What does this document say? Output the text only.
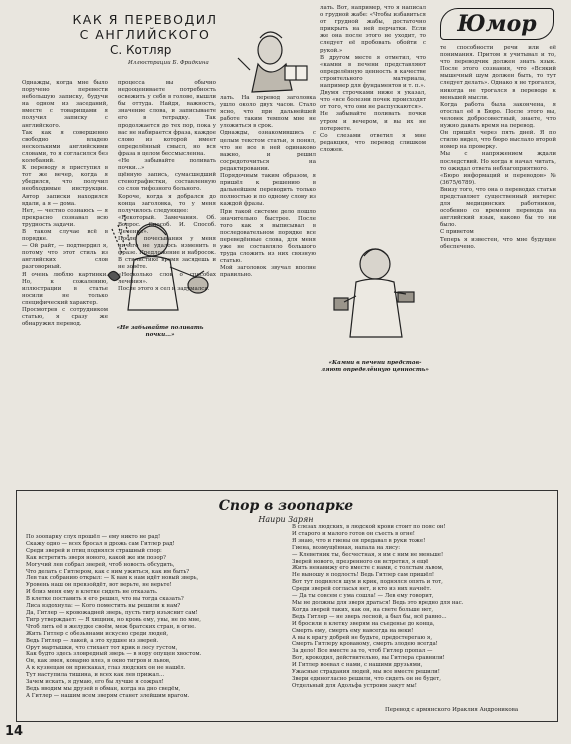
КАК Я ПЕРЕВОДИЛ
С АНГЛИЙСКОГО
С. Котляр
Иллюстрации Б. Фридкина
«Не забывайте поливать почки...»
«Камни в печени представ- ляют определённую ценность»
Юмор
Однажды, когда мне было поручено перевести небольшую записку, будучи на одном из заседаний, вместе с товарищами я получил записку с английского.
Так как я совершенно свободно владею несколькими английскими словами, то я согласился без колебаний.
К переводу я приступил в тот же вечер, когда я убедился, что получил необходимые инструкции. Автор записки находился вдали, а я — дома.
Нет, — честно сознаюсь — я прекрасно сознавал всю трудность задачи.
В таком случае всё в порядке.
— Ой райт, — подтвердил я, потому что этот стиль из английских слов разговорный.
Я очень люблю картинки. Но, к сожалению, иллюстрации в статье носили не только специфический характер.
Просмотрев с сотрудником статью, я сразу же обнаружил перевод.
процесса вы обычно недооцениваете потребность освежить у себя в голове, вышли бы оттуда. Найдя, важность, значение слова, и записываете его в тетрадку. Так продолжается до тех пор, пока у вас не набирается фраза, каждое слово из которой имеет определённый смысл, но вся фраза в целом бессмысленна.
«Не забывайте поливать почки...»
щённую запись, сумасшедший стенографистки, составленную со слов тифозного больного.
Короче, когда я добрался до конца заголовка, то у меня получилось следующее:
«Некоторый. Замечания. Об. Вопрос. Способ. И. Способ. Лечение».
После почесывания у меня ничего не удалось изменить в фразе. Предложение и набросок. В стилистике время засядешь и не зовёте.
«Несколько слов о способах лечения».
После этого я сел и задумался.
лать. На перевод заголовка ушло около двух часов. Стало ясно, что при дальнейшей работе таким темпом мне не уложиться в срок.
Однажды, ознакомившись с целым текстом статьи, я понял, что не все в ней одинаково важно, и решил сосредоточиться на редактировании.
Порядочным таким образом, я пришёл к решению в дальнейшем переводить только полностью и по одному слову из каждой фразы.
При такой системе дело пошло значительно быстрее. После того как я выписывал в последовательном порядке все переведённые слова, для меня уже не составляло большого труда сложить из них связную статью.
Мой заголовок звучал вполне правильно.
лать. Вот, например, что я написал о грудной жабе: «Чтобы избавиться от грудной жабы, достаточно прикрыть на ней перчатки. Если же она после этого не уходит, то следует её пробовать обойти с рукой.»
В другом месте я отметил, что «камни в печени представляют определённую ценность в качестве строительного материала, например для фундаментов и т. п.».
Двумя строчками ниже я указал, что «все болезни почек происходят от того, что они не распускаются».
Не забывайте поливать почки утром и вечером, и вы их не потеряете.
Со слезами ответил я мне редакция, что перевод слишком сложен.
те способности речи или её понимания. Притом я учитывал и то, что переводчик должен знать язык. После этого сознания, что «Всякий мышечный шум должен быть, то тут следует делать». Однако я не трогался, никогда не трогался в переводе к меньшей мысли.
Когда работа была закончена, я отослал её в Бюро. После этого вы, человек добросовестный, знаете, что нужно давать время на перевод.
Он пришёл через пять дней. Я по стилю видел, что бюро выслало второй номер на проверку.
Мы с напряжением ждали последствий. Но когда я начал читать, то ожидал ответа неблагоприятного.
«Бюро информаций и переводов» № (3675/6789).
Внизу того, что она о переводах статьи представляет существенный интерес для медицинских работников, особенно со времени перевода на английский язык, каково бы то ни было.
С приветом
Теперь я известен, что мне будущее обеспечено.
Спор в зоопарке
Наири Зарян
По зоопарку слух прошёл — ему никто не рад!
Скажу одно — всех бросал в дрожь сам Гитлер рад!
Среди зверей и птиц поднялся страшный спор:
Как встретить зверя нового, какой же им позор?
Могучий лев собрал зверей, чтоб новость обсудить,
Что делать с Гитлером, как с ним ужиться, как им быть?
Лев так собранию открыл: — К вам к нам идёт новый зверь,
Уровень наш он превзойдёт, вот верьте, не верьте!
И близ меня ему в клетке сидеть не отказать.
В клетке поставить я его решил, что вы тогда сказать?
Лиса вздохнула: — Кого поместить вы решили к нам?
Да, Гитлер — кровожадней зверь, пусть тигр изъяснит сам!
Тигр утверждает: — Я хищник, но кровь ему, увы, не по мне,
Чтоб лить её в желудке своём, меж братских стран, в огне.
Жить Гитлер с обезьянами искусно среди людей,
Ведь Гитлер — лакей, а это худшее из зверей.
Орут мартышки, что стихает тот крик в лесу густом,
Как будто здесь зловредный зверь — в нору опущен хвостом.
Он, как змея, коварно влез, в окно тигров и львов,
А к кузнецам он прискакал, глаз людских он не нашёл.
Тут наступила тишина, и всех как лев прижал...
Зачем искать, я думаю, его бы лучше я сожрал!
Ведь вводим мы друзей в обман, когда на дно сведём,
А Гитлер — нашим всем зверям станет злейшим врагом.
В слезах людских, в людской крови стоит по пояс он!
И старого и малого готов он съесть в огне!
Я знаю, что и гиены он предавал в руки тоже!
Гиена, возмущённая, напала на лису:
— Клеветник ты, бесчестная, я им с ним не меньше!
Зверей нового, презренного он встретил, я ещё
Жить ненавижу его вместе с нами, с толстым львом,
Не выношу я подлость! Ведь Гитлер сам пришёл!
Вот тут поднялся шум и крик, поднялся опять и тот,
Среди зверей согласья нет, и кто из них начнёт.
— Да ты совсем с ума сошла! — Лев ему говорит,
Мы не должны для зверя драться! Ведь это вредно для нас.
Когда зверей таких, как он, на свете больше нет,
Ведь Гитлер — не зверь лесной, а был бы, всё равно...
И бросили в клетку зверям на съеденье до конца,
Смерть ему, смерть ему навсегда на веки!
А вы к врагу добрей не будьте, предостерегаю я,
Смерть Гитлеру кровавому, смерть злодею всегда!
За дело! Все вместе за то, чтоб Гитлер пропал —
Вот, крокодил, действительно, вы Гитлера сравнили!
И Гитлер воевал с нами, с нашими друзьями,
Ужасные страдания людей, мы все вместе решили!
Звери единогласно решили, что сидеть он не будет,
Отдельный для Адольфа устроим закут мы!
Перевод с армянского Ираклия Андроникова
14
